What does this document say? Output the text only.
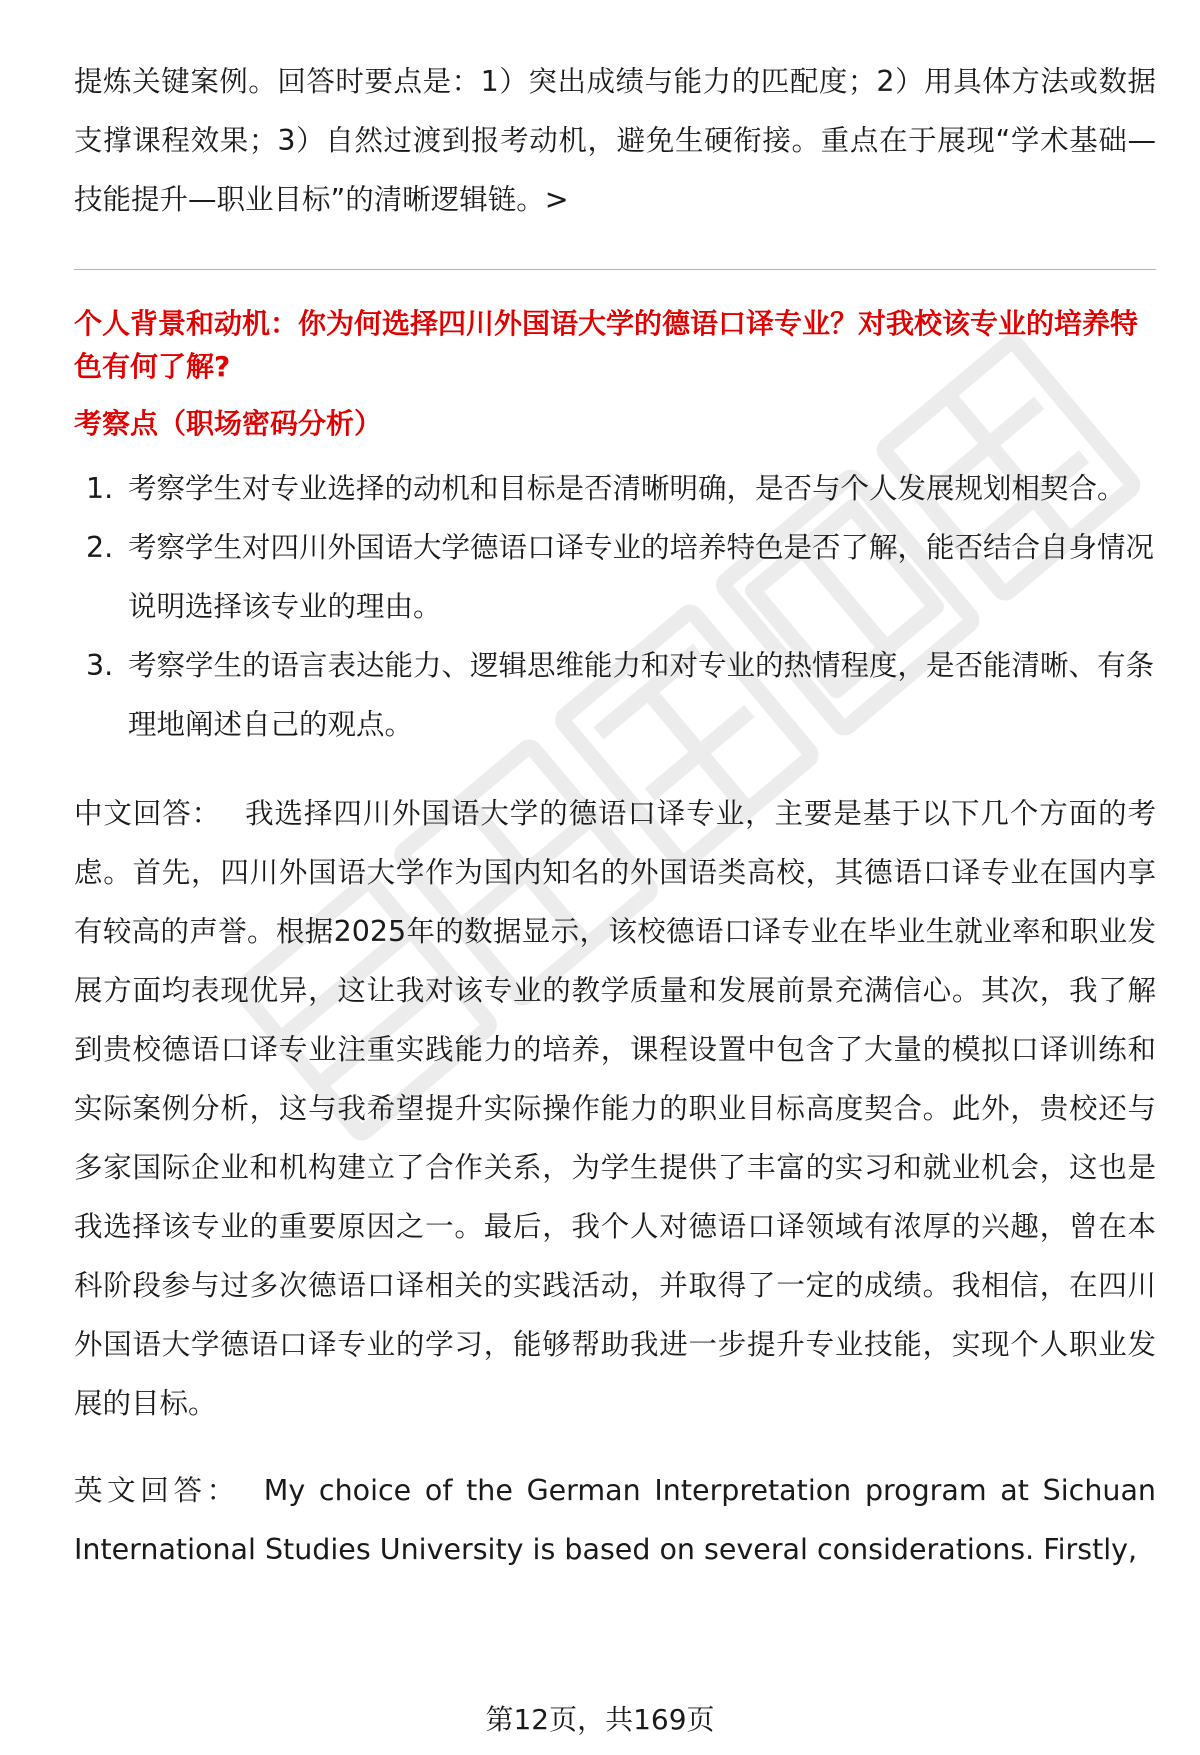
提炼关键案例。回答时要点是：1）突出成绩与能力的匹配度；2）用具体方法或数据支撑课程效果；3）自然过渡到报考动机，避免生硬衔接。重点在于展现“学术基础—技能提升—职业目标”的清晰逻辑链。>

个人背景和动机：你为何选择四川外国语大学的德语口译专业？对我校该专业的培养特色有何了解?

考察点（职场密码分析）

1. 考察学生对专业选择的动机和目标是否清晰明确，是否与个人发展规划相契合。
2. 考察学生对四川外国语大学德语口译专业的培养特色是否了解，能否结合自身情况说明选择该专业的理由。
3. 考察学生的语言表达能力、逻辑思维能力和对专业的热情程度，是否能清晰、有条理地阐述自己的观点。

中文回答： 我选择四川外国语大学的德语口译专业，主要是基于以下几个方面的考虑。首先，四川外国语大学作为国内知名的外国语类高校，其德语口译专业在国内享有较高的声誉。根据2025年的数据显示，该校德语口译专业在毕业生就业率和职业发展方面均表现优异，这让我对该专业的教学质量和发展前景充满信心。其次，我了解到贵校德语口译专业注重实践能力的培养，课程设置中包含了大量的模拟口译训练和实际案例分析，这与我希望提升实际操作能力的职业目标高度契合。此外，贵校还与多家国际企业和机构建立了合作关系，为学生提供了丰富的实习和就业机会，这也是我选择该专业的重要原因之一。最后，我个人对德语口译领域有浓厚的兴趣，曾在本科阶段参与过多次德语口译相关的实践活动，并取得了一定的成绩。我相信，在四川外国语大学德语口译专业的学习，能够帮助我进一步提升专业技能，实现个人职业发展的目标。

英文回答： My choice of the German Interpretation program at Sichuan International Studies University is based on several considerations. Firstly,

第12页，共169页
